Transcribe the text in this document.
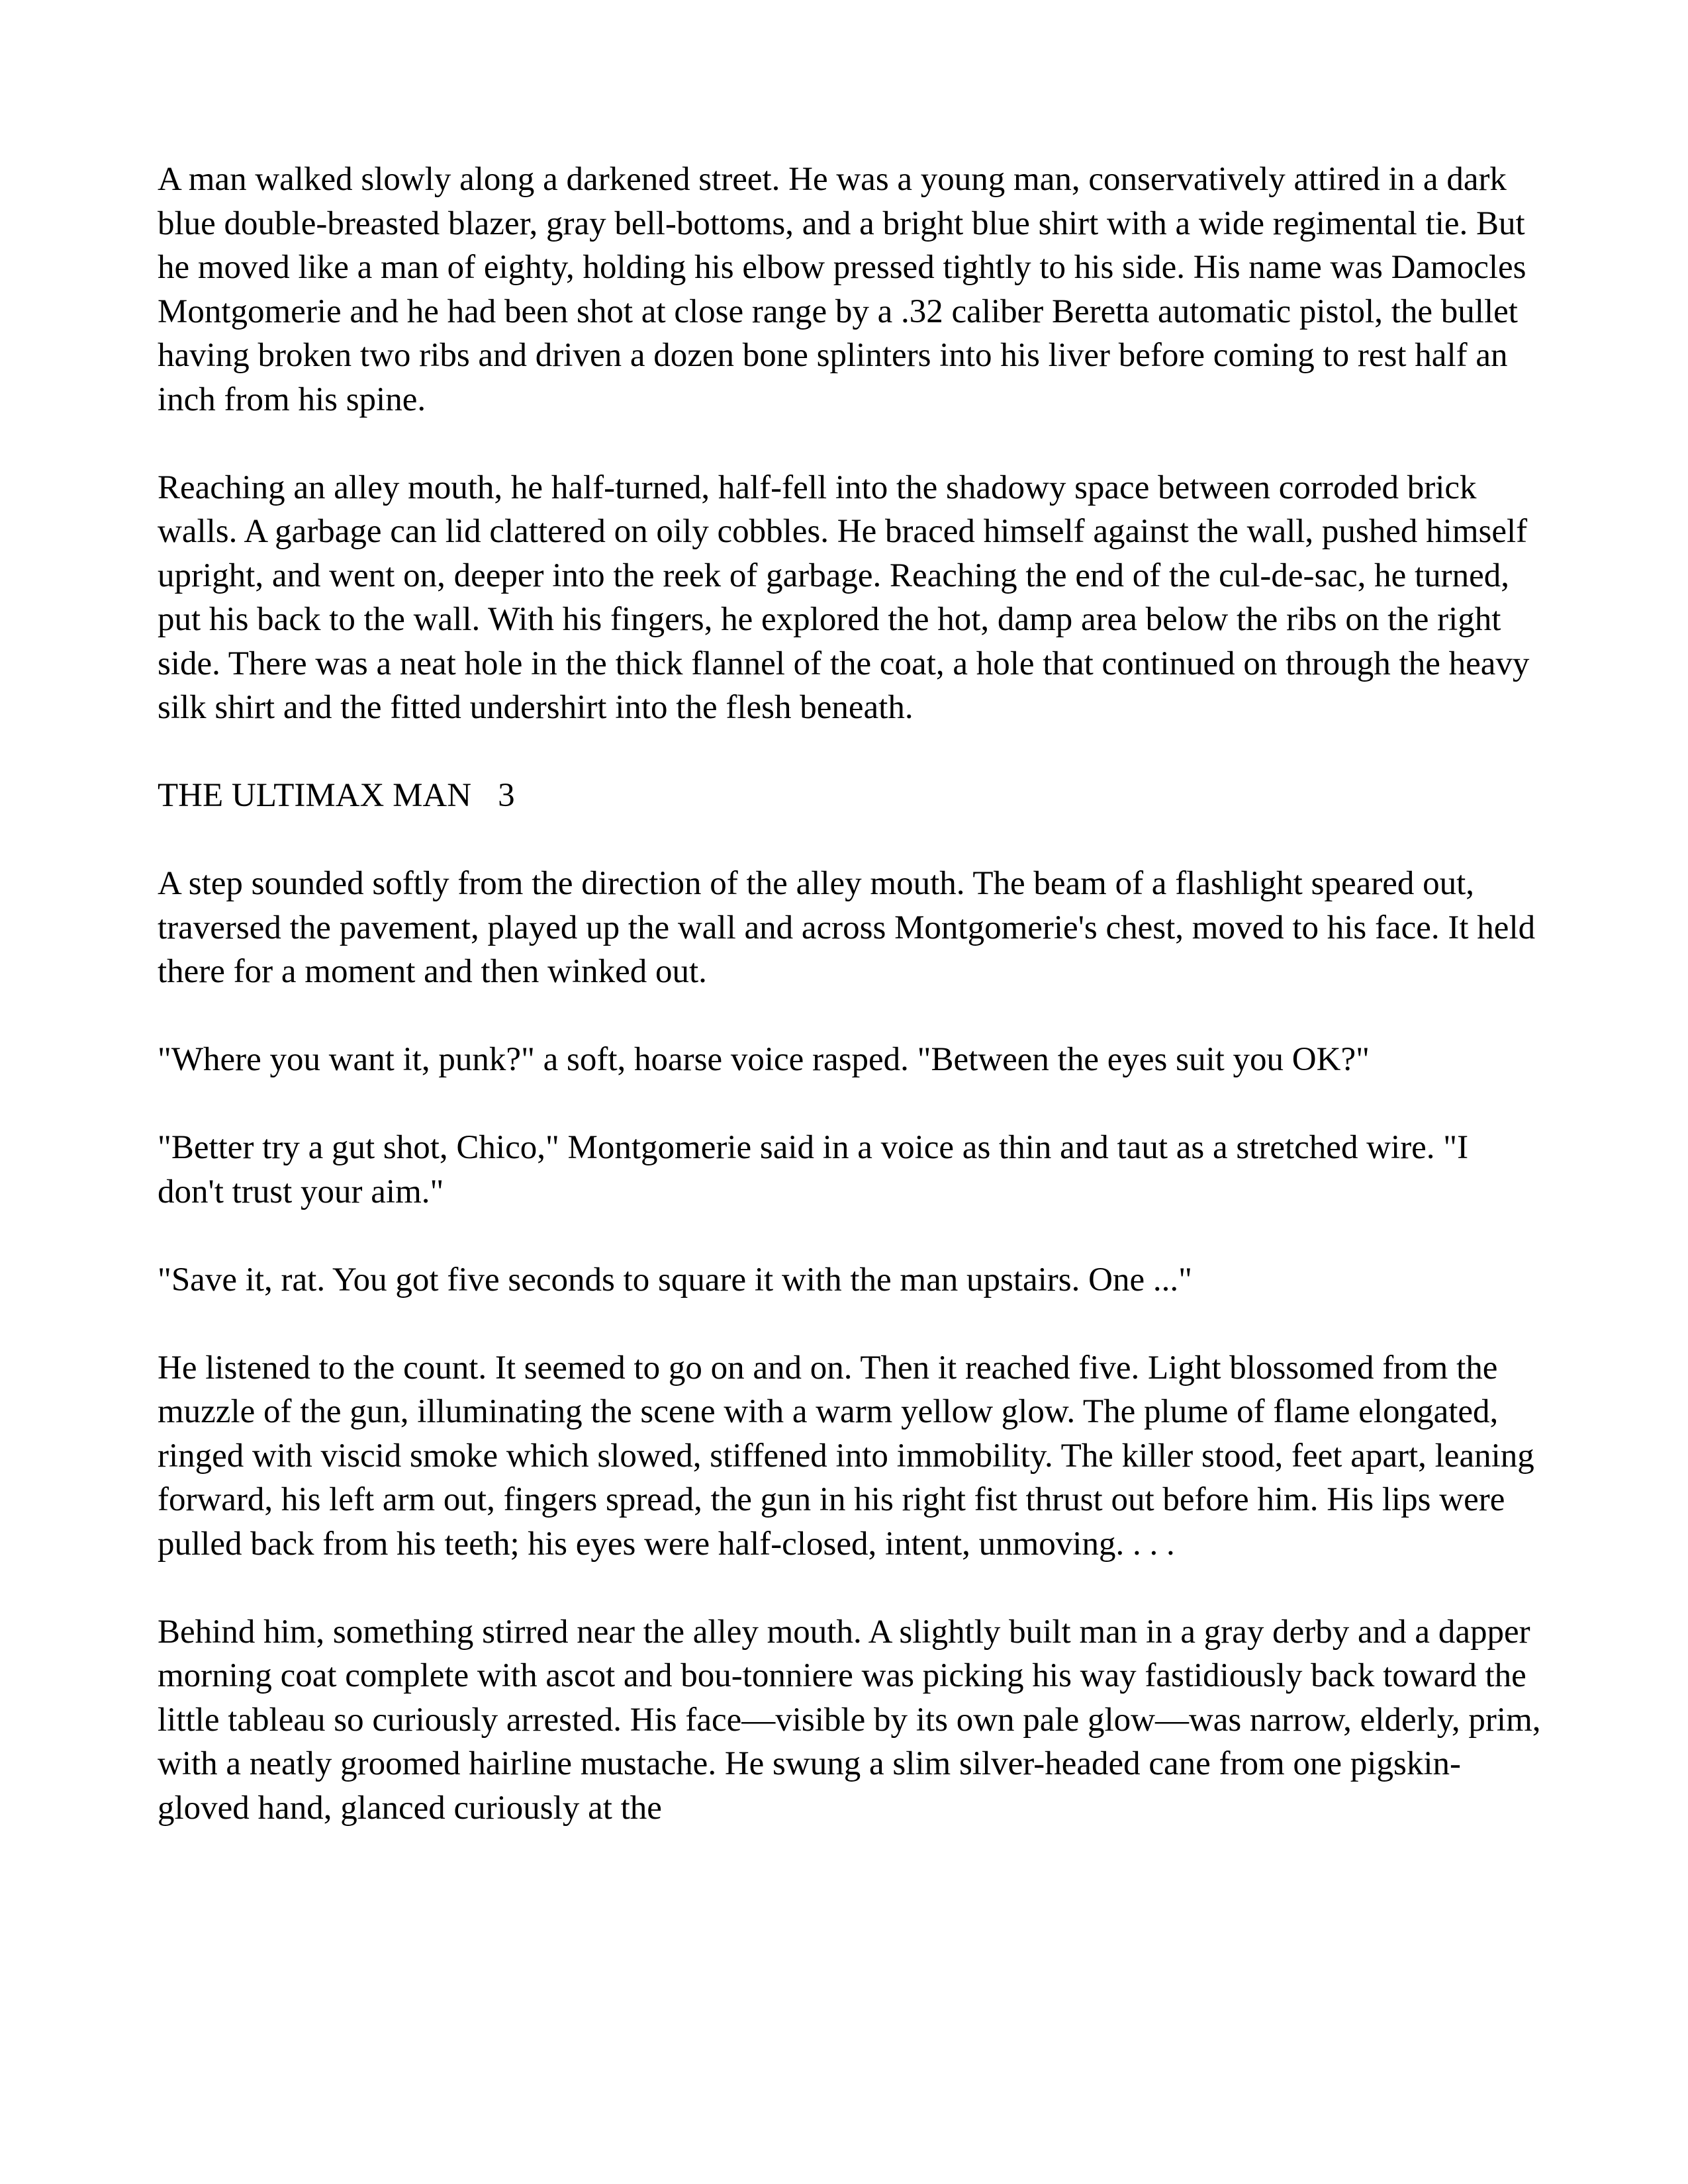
A man walked slowly along a darkened street. He was a young man, conservatively attired in a dark blue double-breasted blazer, gray bell-bottoms, and a bright blue shirt with a wide regimental tie. But he moved like a man of eighty, holding his elbow pressed tightly to his side. His name was Damocles Montgomerie and he had been shot at close range by a .32 caliber Beretta automatic pistol, the bullet having broken two ribs and driven a dozen bone splinters into his liver before coming to rest half an inch from his spine.

Reaching an alley mouth, he half-turned, half-fell into the shadowy space between corroded brick walls. A garbage can lid clattered on oily cobbles. He braced himself against the wall, pushed himself upright, and went on, deeper into the reek of garbage. Reaching the end of the cul-de-sac, he turned, put his back to the wall. With his fingers, he explored the hot, damp area below the ribs on the right side. There was a neat hole in the thick flannel of the coat, a hole that continued on through the heavy silk shirt and the fitted undershirt into the flesh beneath.

THE ULTIMAX MAN 3

A step sounded softly from the direction of the alley mouth. The beam of a flashlight speared out, traversed the pavement, played up the wall and across Montgomerie's chest, moved to his face. It held there for a moment and then winked out.

"Where you want it, punk?" a soft, hoarse voice rasped. "Between the eyes suit you OK?"

"Better try a gut shot, Chico," Montgomerie said in a voice as thin and taut as a stretched wire. "I don't trust your aim."

"Save it, rat. You got five seconds to square it with the man upstairs. One ..."

He listened to the count. It seemed to go on and on. Then it reached five. Light blossomed from the muzzle of the gun, illuminating the scene with a warm yellow glow. The plume of flame elongated, ringed with viscid smoke which slowed, stiffened into immobility. The killer stood, feet apart, leaning forward, his left arm out, fingers spread, the gun in his right fist thrust out before him. His lips were pulled back from his teeth; his eyes were half-closed, intent, unmoving. . . .

Behind him, something stirred near the alley mouth. A slightly built man in a gray derby and a dapper morning coat complete with ascot and bou-tonniere was picking his way fastidiously back toward the little tableau so curiously arrested. His face—visible by its own pale glow—was narrow, elderly, prim, with a neatly groomed hairline mustache. He swung a slim silver-headed cane from one pigskin-gloved hand, glanced curiously at the
